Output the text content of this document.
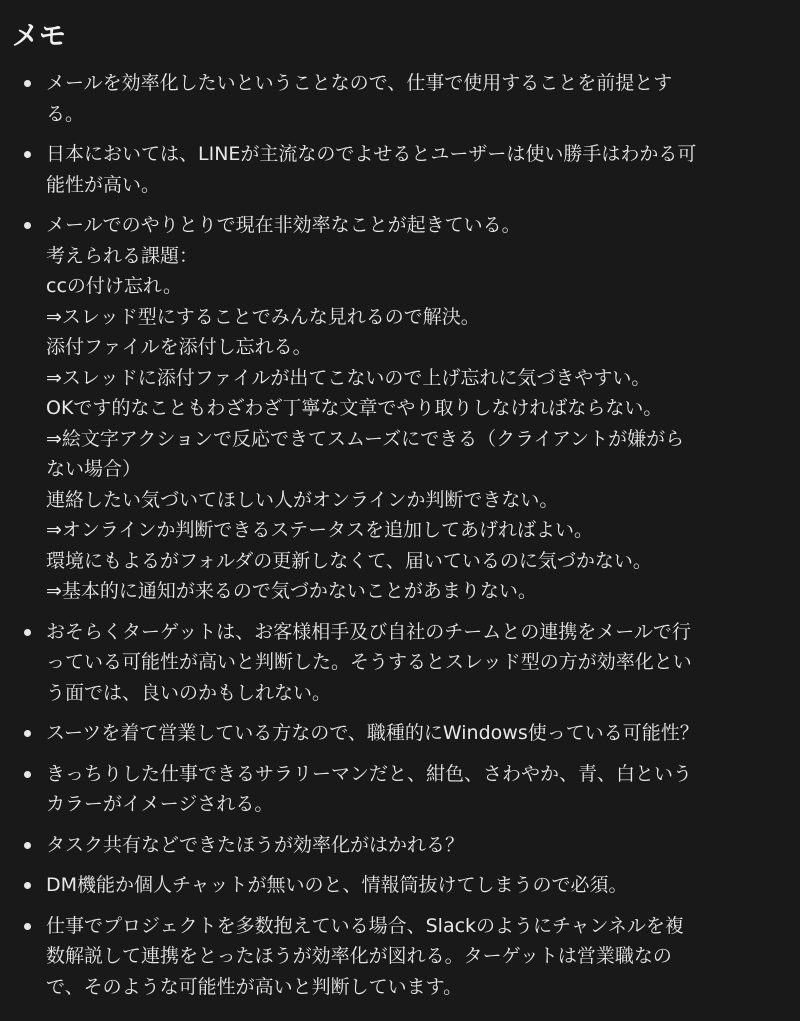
メモ
メールを効率化したいということなので、仕事で使用することを前提とす
る。
日本においては、LINEが主流なのでよせるとユーザーは使い勝手はわかる可
能性が高い。
メールでのやりとりで現在非効率なことが起きている。
考えられる課題：
ccの付け忘れ。
⇒スレッド型にすることでみんな見れるので解決。
添付ファイルを添付し忘れる。
⇒スレッドに添付ファイルが出てこないので上げ忘れに気づきやすい。
OKです的なこともわざわざ丁寧な文章でやり取りしなければならない。
⇒絵文字アクションで反応できてスムーズにできる（クライアントが嫌がら
ない場合）
連絡したい気づいてほしい人がオンラインか判断できない。
⇒オンラインか判断できるステータスを追加してあげればよい。
環境にもよるがフォルダの更新しなくて、届いているのに気づかない。
⇒基本的に通知が来るので気づかないことがあまりない。
おそらくターゲットは、お客様相手及び自社のチームとの連携をメールで行
っている可能性が高いと判断した。そうするとスレッド型の方が効率化とい
う面では、良いのかもしれない。
スーツを着て営業している方なので、職種的にWindows使っている可能性？
きっちりした仕事できるサラリーマンだと、紺色、さわやか、青、白という
カラーがイメージされる。
タスク共有などできたほうが効率化がはかれる？
DM機能か個人チャットが無いのと、情報筒抜けてしまうので必須。
仕事でプロジェクトを多数抱えている場合、Slackのようにチャンネルを複
数解説して連携をとったほうが効率化が図れる。ターゲットは営業職なの
で、そのような可能性が高いと判断しています。
